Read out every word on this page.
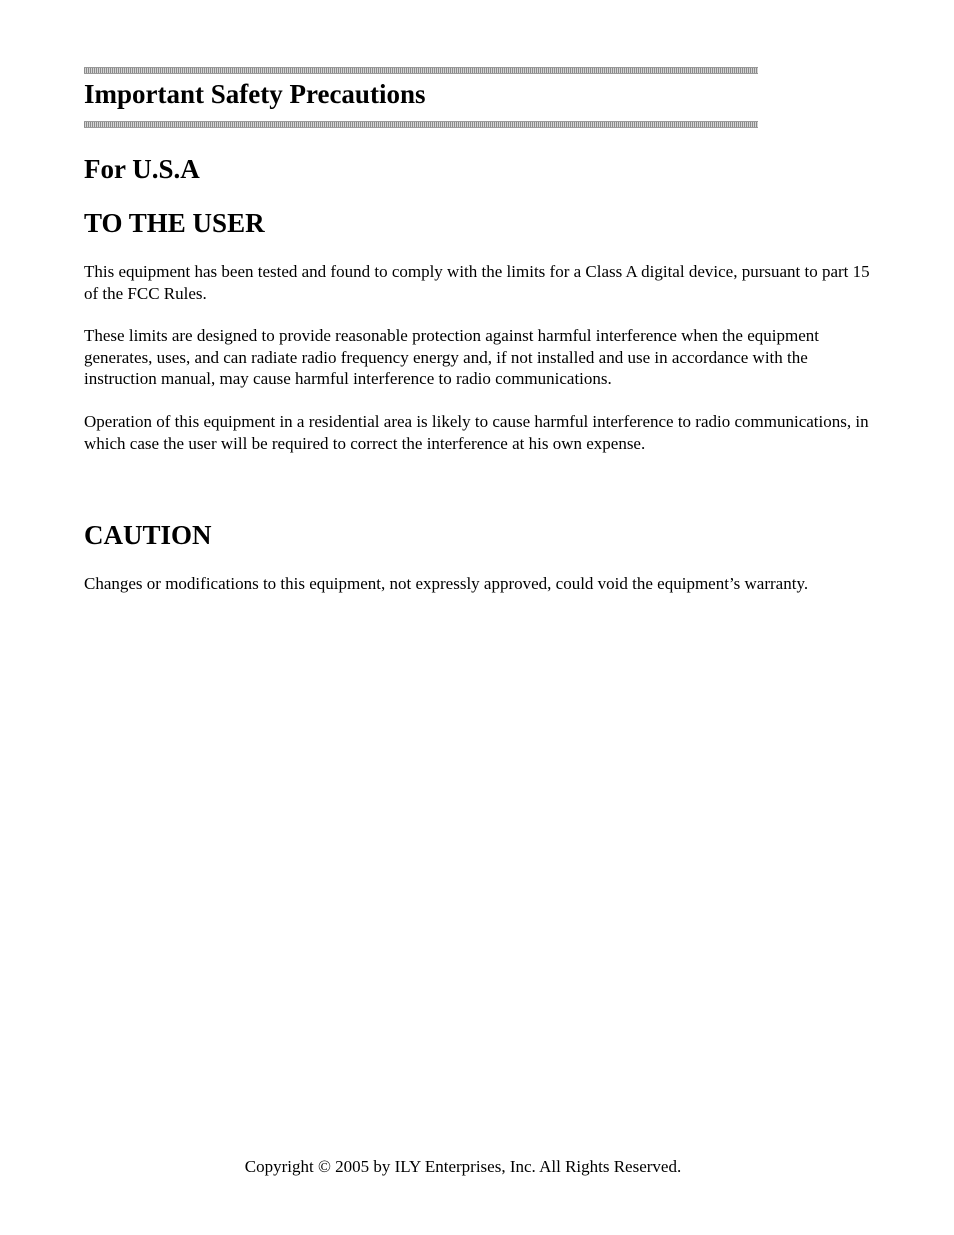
Important Safety Precautions
For U.S.A
TO THE USER

This equipment has been tested and found to comply with the limits for a Class A digital device, pursuant to part 15 of the FCC Rules.

These limits are designed to provide reasonable protection against harmful interference when the equipment generates, uses, and can radiate radio frequency energy and, if not installed and use in accordance with the instruction manual, may cause harmful interference to radio communications.

Operation of this equipment in a residential area is likely to cause harmful interference to radio communications, in which case the user will be required to correct the interference at his own expense.

CAUTION

Changes or modifications to this equipment, not expressly approved, could void the equipment’s warranty.

Copyright © 2005 by ILY Enterprises, Inc. All Rights Reserved.
